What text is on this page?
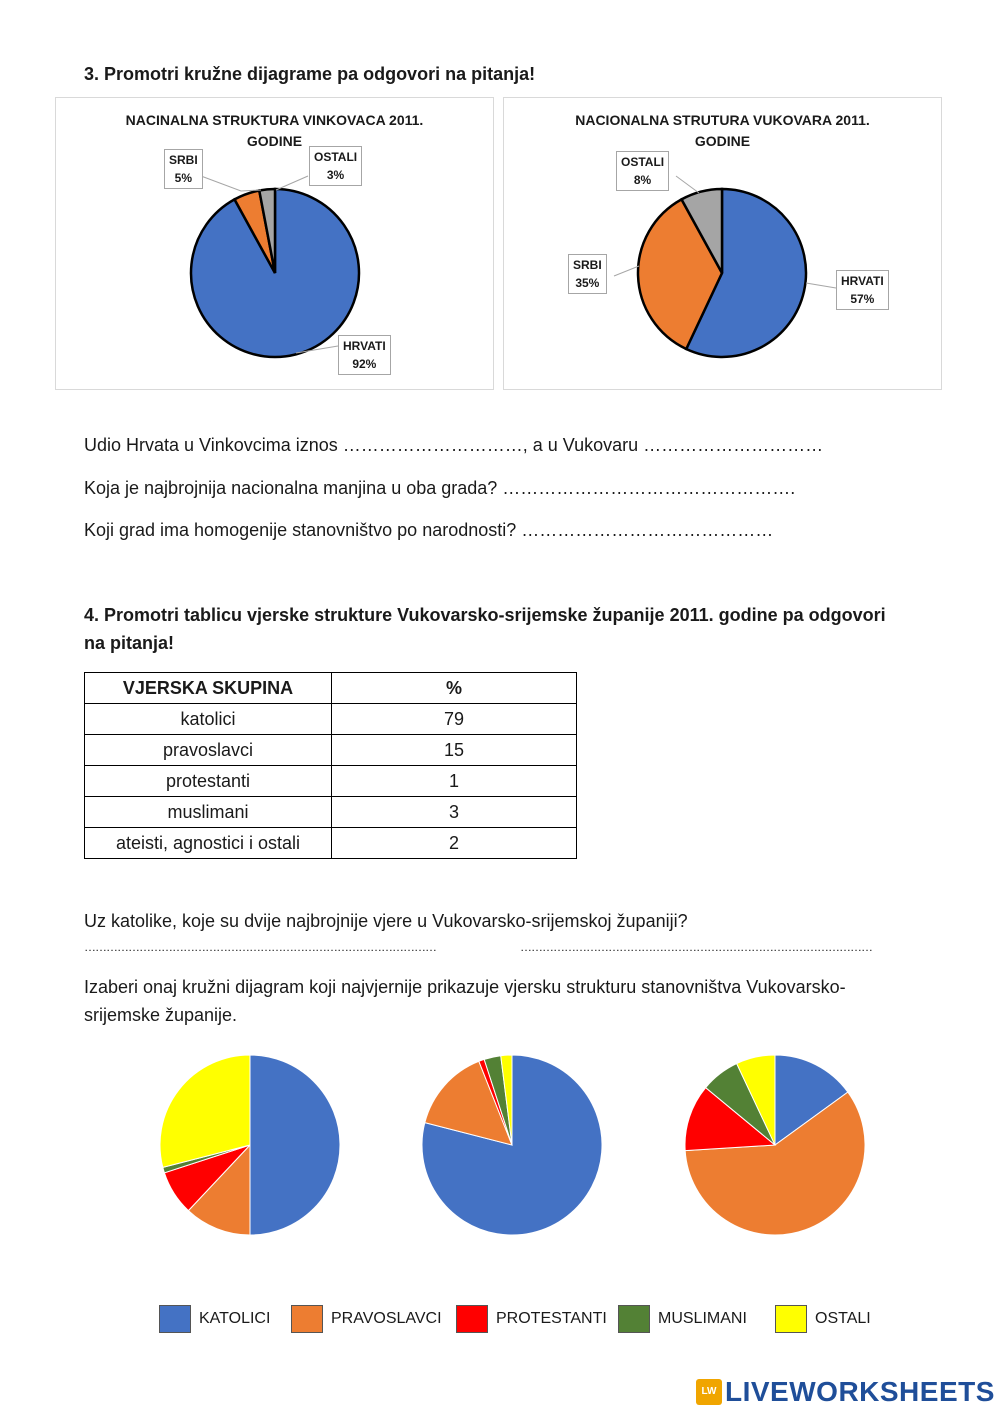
3. Promotri kružne dijagrame pa odgovori na pitanja!
NACINALNA STRUKTURA VINKOVACA 2011.
GODINE
SRBI
5%
OSTALI
3%
HRVATI
92%
NACIONALNA STRUTURA VUKOVARA 2011.
GODINE
OSTALI
8%
SRBI
35%	HRVATI
57%
Udio Hrvata u Vinkovcima iznos …………………………, a u Vukovaru …………………………
Koja je najbrojnija nacionalna manjina u oba grada? ………………………………………….
Koji grad ima homogenije stanovništvo po narodnosti? ……………………………………
4. Promotri tablicu vjerske strukture Vukovarsko-srijemske županije 2011. godine pa odgovori
na pitanja!
VJERSKA SKUPINA	%
katolici	79
pravoslavci	15
protestanti	1
muslimani	3
ateisti, agnostici i ostali	2
Uz katolike, koje su dvije najbrojnije vjere u Vukovarsko-srijemskoj županiji?
……………………………………………………………………………………	……………………………………………………………………………………
Izaberi onaj kružni dijagram koji najvjernije prikazuje vjersku strukturu stanovništva Vukovarsko-
srijemske županije.
KATOLICI	PRAVOSLAVCI	PROTESTANTI	MUSLIMANI	OSTALI
LW LIVEWORKSHEETS
